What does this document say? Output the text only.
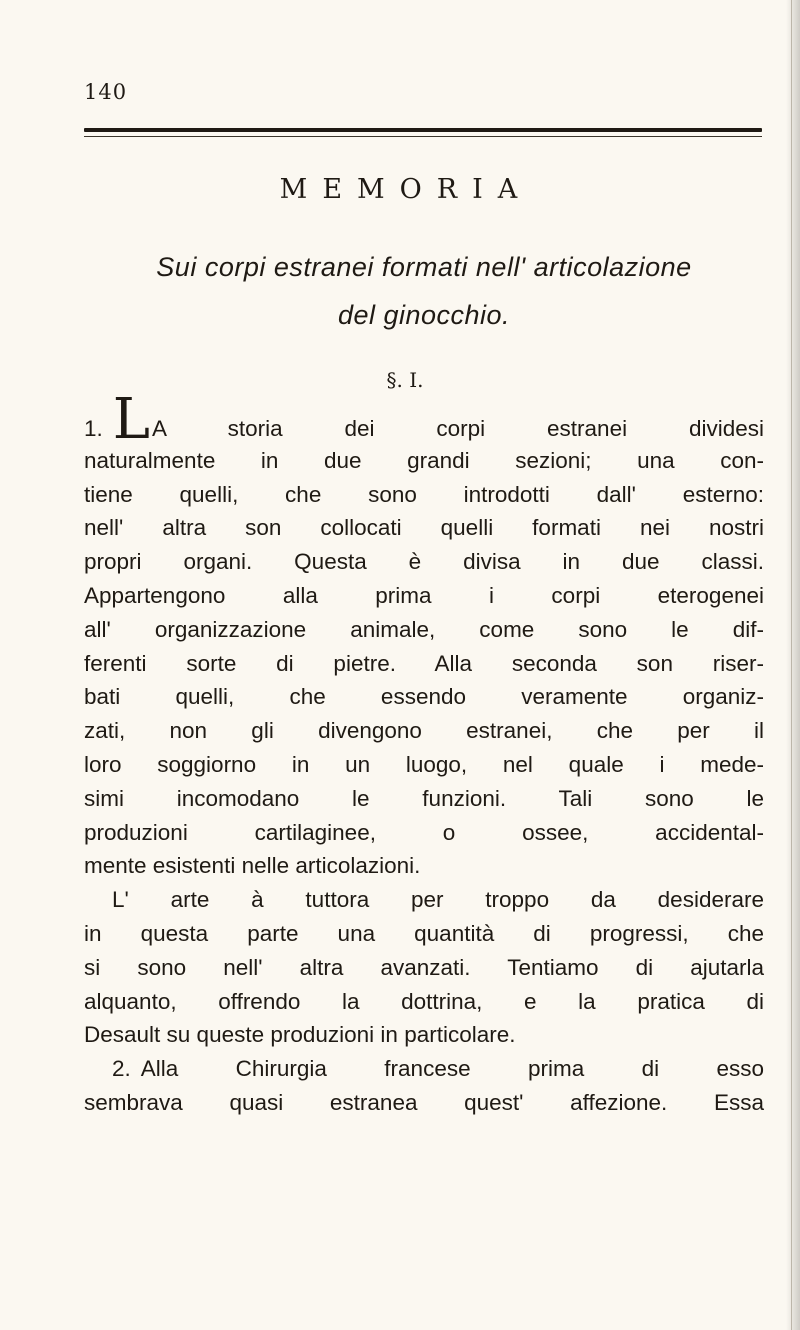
140
MEMORIA
Sui corpi estranei formati nell' articolazione
del ginocchio.
§. I.
1. LA storia dei corpi estranei dividesi
naturalmente in due grandi sezioni; una con-
tiene quelli, che sono introdotti dall' esterno:
nell' altra son collocati quelli formati nei nostri
propri organi. Questa è divisa in due classi.
Appartengono alla prima i corpi eterogenei
all' organizzazione animale, come sono le dif-
ferenti sorte di pietre. Alla seconda son riser-
bati quelli, che essendo veramente organiz-
zati, non gli divengono estranei, che per il
loro soggiorno in un luogo, nel quale i mede-
simi incomodano le funzioni. Tali sono le
produzioni cartilaginee, o ossee, accidental-
mente esistenti nelle articolazioni.
L' arte à tuttora per troppo da desiderare
in questa parte una quantità di progressi, che
si sono nell' altra avanzati. Tentiamo di ajutarla
alquanto, offrendo la dottrina, e la pratica di
Desault su queste produzioni in particolare.
2. Alla Chirurgia francese prima di esso
sembrava quasi estranea quest' affezione. Essa
